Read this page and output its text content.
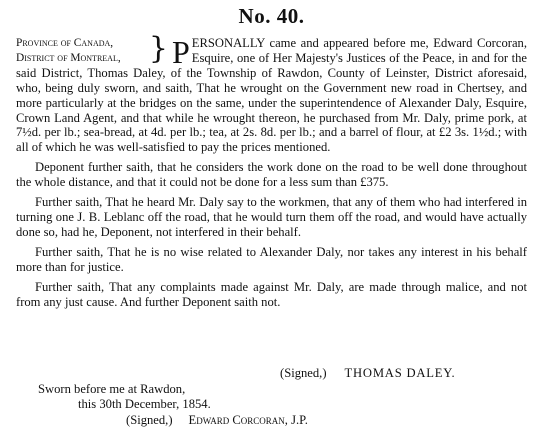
No. 40.
Province of Canada,
District of Montreal, } P ERSONALLY came and appeared before me, Edward Corcoran, Esquire, one of Her Majesty's Justices of the Peace, in and for the said District, Thomas Daley, of the Township of Rawdon, County of Leinster, District aforesaid, who, being duly sworn, and saith, That he wrought on the Government new road in Chertsey, and more particularly at the bridges on the same, under the superintendence of Alexander Daly, Esquire, Crown Land Agent, and that while he wrought thereon, he purchased from Mr. Daly, prime pork, at 7½d. per lb.; sea-bread, at 4d. per lb.; tea, at 2s. 8d. per lb.; and a barrel of flour, at £2 3s. 1½d.; with all of which he was well-satisfied to pay the prices mentioned.

Deponent further saith, that he considers the work done on the road to be well done throughout the whole distance, and that it could not be done for a less sum than £375.

Further saith, That he heard Mr. Daly say to the workmen, that any of them who had interfered in turning one J. B. Leblanc off the road, that he would turn them off the road, and would have actually done so, had he, Deponent, not interfered in their behalf.

Further saith, That he is no wise related to Alexander Daly, nor takes any interest in his behalf more than for justice.

Further saith, That any complaints made against Mr. Daly, are made through malice, and not from any just cause. And further Deponent saith not.

(Signed,) THOMAS DALEY.
Sworn before me at Rawdon,
this 30th December, 1854.
(Signed,) Edward Corcoran, J.P.
